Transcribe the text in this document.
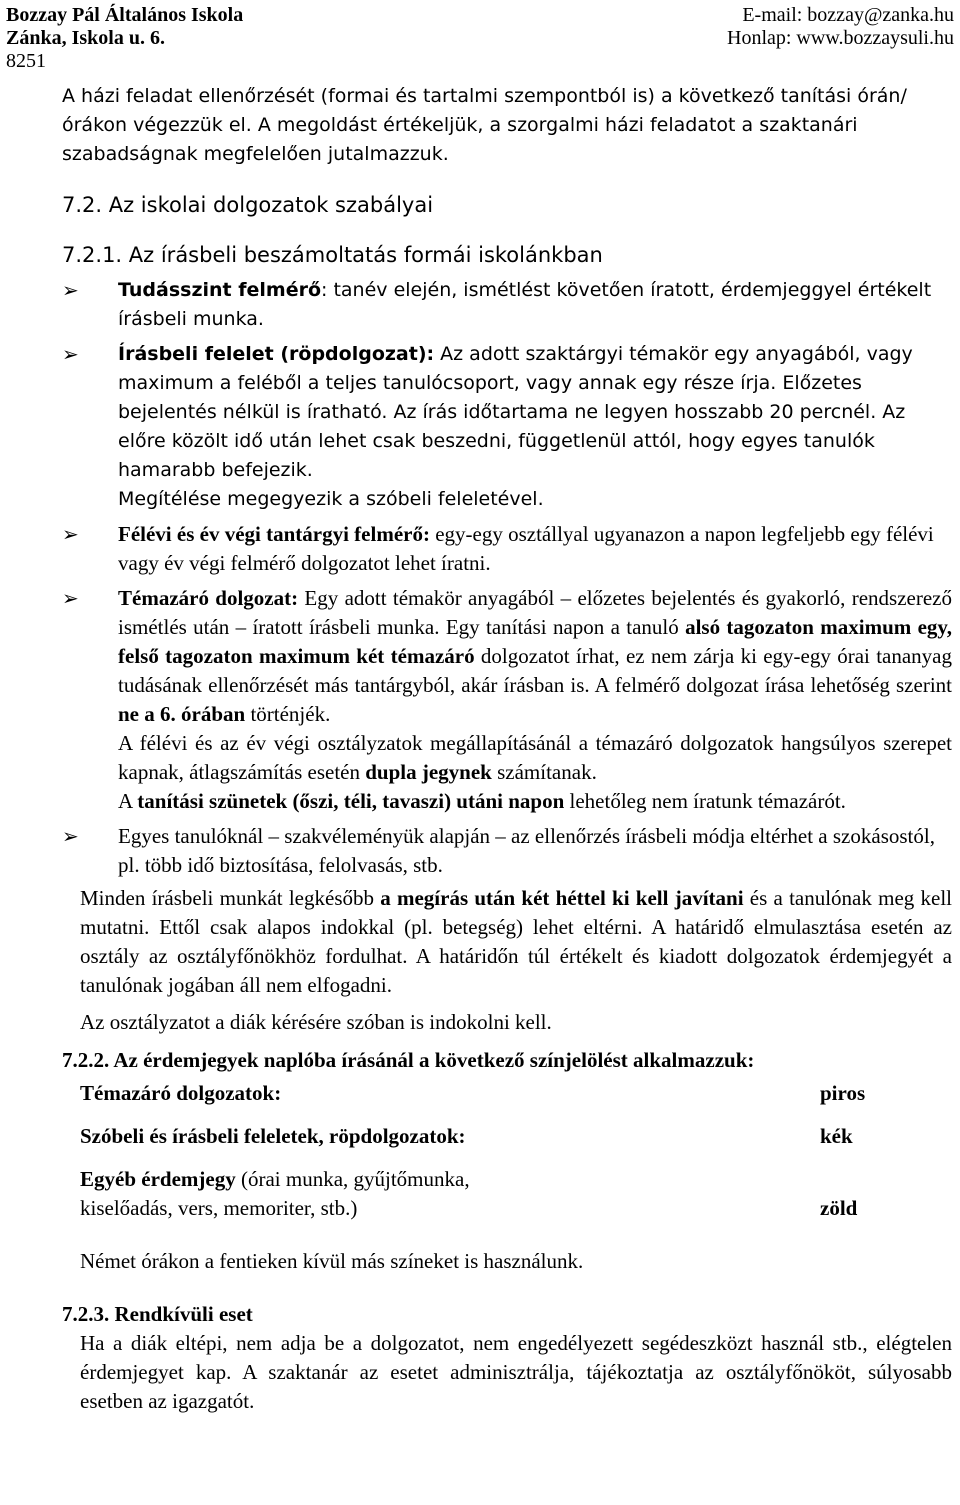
Bozzay Pál Általános Iskola	E-mail: bozzay@zanka.hu
Zánka, Iskola u. 6.	Honlap: www.bozzaysuli.hu
8251

A házi feladat ellenőrzését (formai és tartalmi szempontból is) a következő tanítási órán/órákon végezzük el. A megoldást értékeljük, a szorgalmi házi feladatot a szaktanári szabadságnak megfelelően jutalmazzuk.

7.2. Az iskolai dolgozatok szabályai

7.2.1. Az írásbeli beszámoltatás formái iskolánkban

➢ Tudásszint felmérő: tanév elején, ismétlést követően íratott, érdemjeggyel értékelt írásbeli munka.
➢ Írásbeli felelet (röpdolgozat): Az adott szaktárgyi témakör egy anyagából, vagy maximum a feléből a teljes tanulócsoport, vagy annak egy része írja. Előzetes bejelentés nélkül is íratható. Az írás időtartama ne legyen hosszabb 20 percnél. Az előre közölt idő után lehet csak beszedni, függetlenül attól, hogy egyes tanulók hamarabb befejezik.
Megítélése megegyezik a szóbeli feleletével.
➢ Félévi és év végi tantárgyi felmérő: egy-egy osztállyal ugyanazon a napon legfeljebb egy félévi vagy év végi felmérő dolgozatot lehet íratni.
➢ Témazáró dolgozat: Egy adott témakör anyagából – előzetes bejelentés és gyakorló, rendszerező ismétlés után – íratott írásbeli munka. Egy tanítási napon a tanuló alsó tagozaton maximum egy, felső tagozaton maximum két témazáró dolgozatot írhat, ez nem zárja ki egy-egy órai tananyag tudásának ellenőrzését más tantárgyból, akár írásban is. A felmérő dolgozat írása lehetőség szerint ne a 6. órában történjék.
A félévi és az év végi osztályzatok megállapításánál a témazáró dolgozatok hangsúlyos szerepet kapnak, átlagszámítás esetén dupla jegynek számítanak.
A tanítási szünetek (őszi, téli, tavaszi) utáni napon lehetőleg nem íratunk témazárót.
➢ Egyes tanulóknál – szakvéleményük alapján – az ellenőrzés írásbeli módja eltérhet a szokásostól, pl. több idő biztosítása, felolvasás, stb.

Minden írásbeli munkát legkésőbb a megírás után két héttel ki kell javítani és a tanulónak meg kell mutatni. Ettől csak alapos indokkal (pl. betegség) lehet eltérni. A határidő elmulasztása esetén az osztály az osztályfőnökhöz fordulhat. A határidőn túl értékelt és kiadott dolgozatok érdemjegyét a tanulónak jogában áll nem elfogadni.

Az osztályzatot a diák kérésére szóban is indokolni kell.

7.2.2. Az érdemjegyek naplóba írásánál a következő színjelölést alkalmazzuk:

Témazáró dolgozatok:	piros
Szóbeli és írásbeli feleletek, röpdolgozatok:	kék
Egyéb érdemjegy (órai munka, gyűjtőmunka,
kiselőadás, vers, memoriter, stb.)	zöld

Német órákon a fentieken kívül más színeket is használunk.

7.2.3. Rendkívüli eset

Ha a diák eltépi, nem adja be a dolgozatot, nem engedélyezett segédeszközt használ stb., elégtelen érdemjegyet kap. A szaktanár az esetet adminisztrálja, tájékoztatja az osztályfőnököt, súlyosabb esetben az igazgatót.
